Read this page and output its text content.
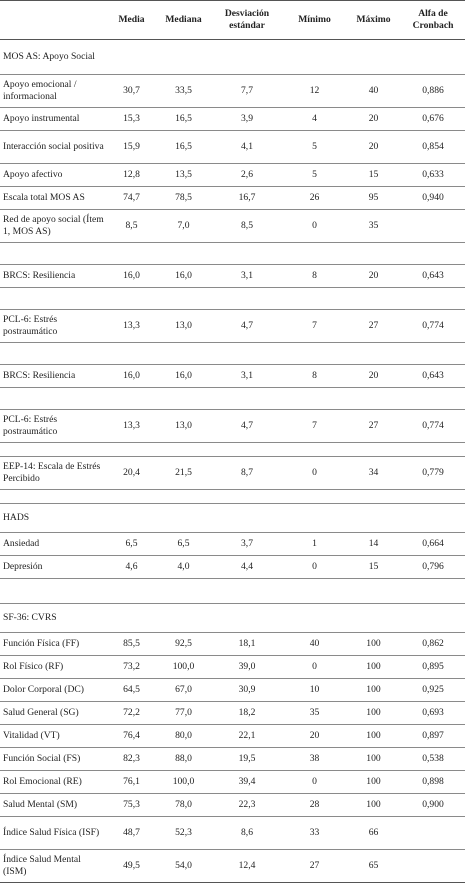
	Media	Mediana	Desviación estándar	Mínimo	Máximo	Alfa de Cronbach
MOS AS: Apoyo Social						
Apoyo emocional / informacional	30,7	33,5	7,7	12	40	0,886
Apoyo instrumental	15,3	16,5	3,9	4	20	0,676
Interacción social positiva	15,9	16,5	4,1	5	20	0,854
Apoyo afectivo	12,8	13,5	2,6	5	15	0,633
Escala total MOS AS	74,7	78,5	16,7	26	95	0,940
Red de apoyo social (Ítem 1, MOS AS)	8,5	7,0	8,5	0	35	

BRCS: Resiliencia	16,0	16,0	3,1	8	20	0,643

PCL-6: Estrés postraumático	13,3	13,0	4,7	7	27	0,774

BRCS: Resiliencia	16,0	16,0	3,1	8	20	0,643

PCL-6: Estrés postraumático	13,3	13,0	4,7	7	27	0,774

EEP-14: Escala de Estrés Percibido	20,4	21,5	8,7	0	34	0,779

HADS						
Ansiedad	6,5	6,5	3,7	1	14	0,664
Depresión	4,6	4,0	4,4	0	15	0,796

SF-36: CVRS						
Función Física (FF)	85,5	92,5	18,1	40	100	0,862
Rol Físico (RF)	73,2	100,0	39,0	0	100	0,895
Dolor Corporal (DC)	64,5	67,0	30,9	10	100	0,925
Salud General (SG)	72,2	77,0	18,2	35	100	0,693
Vitalidad (VT)	76,4	80,0	22,1	20	100	0,897
Función Social (FS)	82,3	88,0	19,5	38	100	0,538
Rol Emocional (RE)	76,1	100,0	39,4	0	100	0,898
Salud Mental (SM)	75,3	78,0	22,3	28	100	0,900
Índice Salud Física (ISF)	48,7	52,3	8,6	33	66	
Índice Salud Mental (ISM)	49,5	54,0	12,4	27	65	
